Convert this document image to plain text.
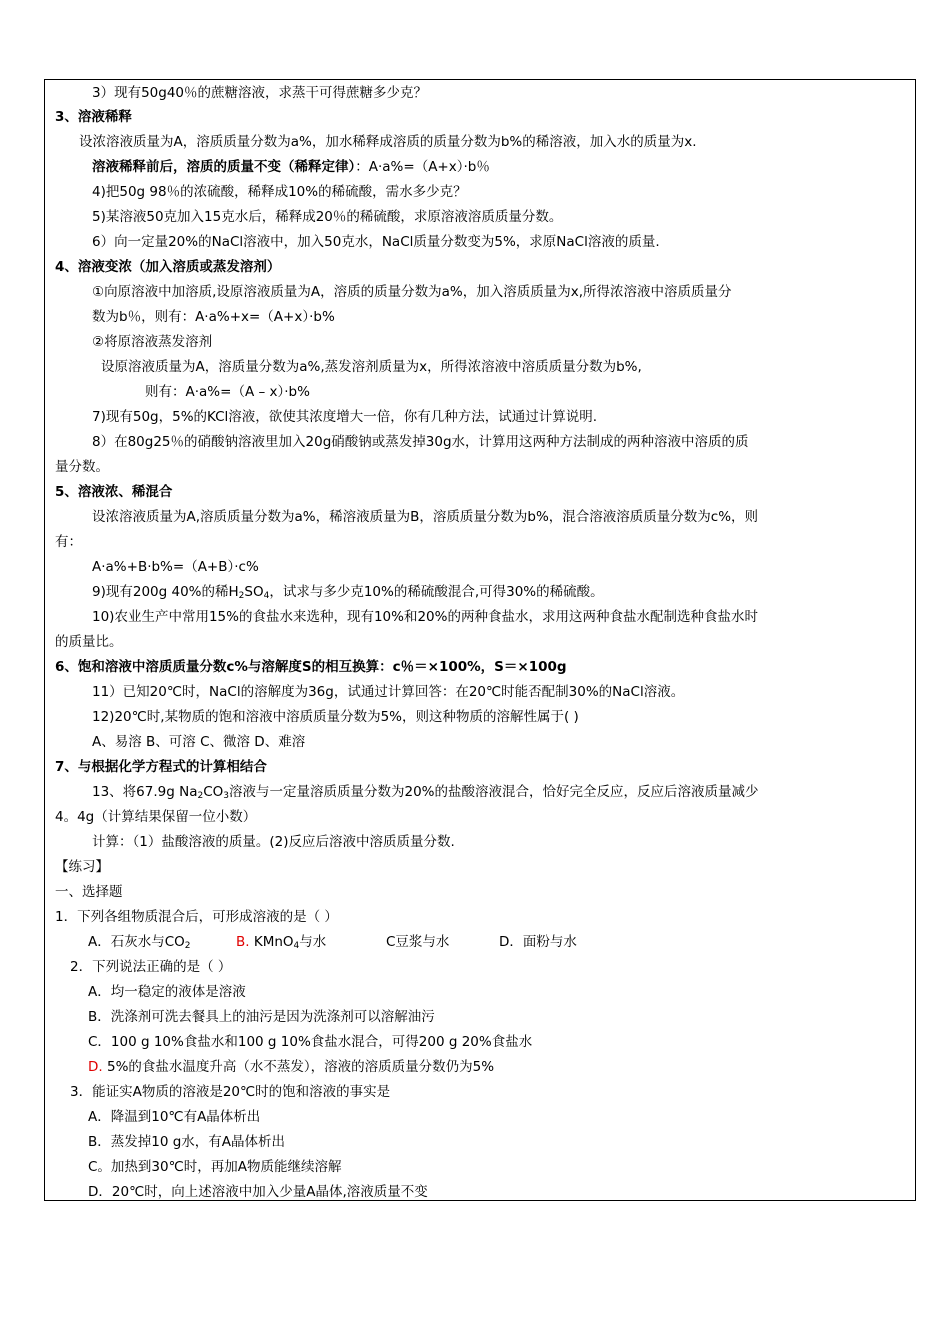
3）现有50g40％的蔗糖溶液，求蒸干可得蔗糖多少克？
3、溶液稀释
设浓溶液质量为A，溶质质量分数为a%，加水稀释成溶质的质量分数为b%的稀溶液，加入水的质量为x.
溶液稀释前后，溶质的质量不变（稀释定律）：A·a%=（A+x）·b％
4)把50g 98％的浓硫酸，稀释成10%的稀硫酸，需水多少克？
5)某溶液50克加入15克水后，稀释成20％的稀硫酸，求原溶液溶质质量分数。
6）向一定量20%的NaCl溶液中，加入50克水，NaCl质量分数变为5%，求原NaCl溶液的质量.
4、溶液变浓（加入溶质或蒸发溶剂）
①向原溶液中加溶质,设原溶液质量为A，溶质的质量分数为a%，加入溶质质量为x,所得浓溶液中溶质质量分
数为b％，则有：A·a%+x=（A+x）·b%
②将原溶液蒸发溶剂
设原溶液质量为A，溶质量分数为a%,蒸发溶剂质量为x，所得浓溶液中溶质质量分数为b%,
则有：A·a%=（A – x）·b%
7)现有50g，5%的KCl溶液，欲使其浓度增大一倍，你有几种方法，试通过计算说明.
8）在80g25％的硝酸钠溶液里加入20g硝酸钠或蒸发掉30g水，计算用这两种方法制成的两种溶液中溶质的质
量分数。
5、溶液浓、稀混合
设浓溶液质量为A,溶质质量分数为a%，稀溶液质量为B，溶质质量分数为b%，混合溶液溶质质量分数为c%，则
有：
A·a%+B·b%=（A+B）·c%
9)现有200g 40%的稀$H_2SO_4$，试求与多少克10%的稀硫酸混合,可得30%的稀硫酸。
10)农业生产中常用15%的食盐水来选种，现有10%和20%的两种食盐水，求用这两种食盐水配制选种食盐水时
的质量比。
6、饱和溶液中溶质质量分数c%与溶解度S的相互换算：c％＝×100%，S＝×100g
11）已知20℃时，NaCl的溶解度为36g，试通过计算回答：在20℃时能否配制30%的NaCl溶液。
12)20℃时,某物质的饱和溶液中溶质质量分数为5%，则这种物质的溶解性属于( )
A、易溶 B、可溶 C、微溶 D、难溶
7、与根据化学方程式的计算相结合
13、将67.9g $Na_2CO_3$溶液与一定量溶质质量分数为20%的盐酸溶液混合，恰好完全反应，反应后溶液质量减少
4。4g（计算结果保留一位小数）
计算：（1）盐酸溶液的质量。(2)反应后溶液中溶质质量分数.
【练习】
一、选择题
1．下列各组物质混合后，可形成溶液的是（ ）
A．石灰水与$CO_2$	B. KMnO$_4$与水	C豆浆与水	D．面粉与水
2．下列说法正确的是（ ）
A．均一稳定的液体是溶液
B．洗涤剂可洗去餐具上的油污是因为洗涤剂可以溶解油污
C．100 g 10%食盐水和100 g 10%食盐水混合，可得200 g 20%食盐水
D. 5%的食盐水温度升高（水不蒸发），溶液的溶质质量分数仍为5%
3．能证实A物质的溶液是20℃时的饱和溶液的事实是
A．降温到10℃有A晶体析出
B．蒸发掉10 g水，有A晶体析出
C。加热到30℃时，再加A物质能继续溶解
D．20℃时，向上述溶液中加入少量A晶体,溶液质量不变
